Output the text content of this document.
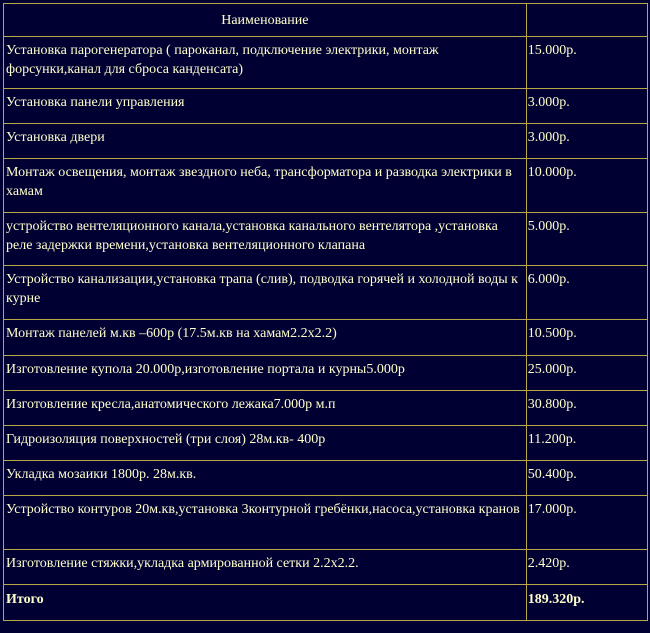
Наименование	
Установка парогенератора ( пароканал, подключение электрики, монтаж форсунки,канал для сброса канденсата)	15.000р.
Установка панели управления	3.000р.
Установка двери	3.000р.
Монтаж освещения, монтаж звездного неба, трансформатора и разводка электрики в хамам	10.000р.
устройство вентеляционного канала,установка канального вентелятора ,установка реле задержки времени,установка вентеляционного клапана	5.000р.
Устройство канализации,установка трапа (слив), подводка горячей и холодной воды к курне	6.000р.
Монтаж панелей м.кв –600р (17.5м.кв на хамам2.2х2.2)	10.500р.
Изготовление купола 20.000р,изготовление портала и курны5.000р	25.000р.
Изготовление кресла,анатомического лежака7.000р м.п	30.800р.
Гидроизоляция поверхностей (три слоя) 28м.кв- 400р	11.200р.
Укладка мозаики 1800р. 28м.кв.	50.400р.
Устройство контуров 20м.кв,установка 3контурной гребёнки,насоса,установка кранов	17.000р.
Изготовление стяжки,укладка армированной сетки 2.2х2.2.	2.420р.
Итого	189.320р.
